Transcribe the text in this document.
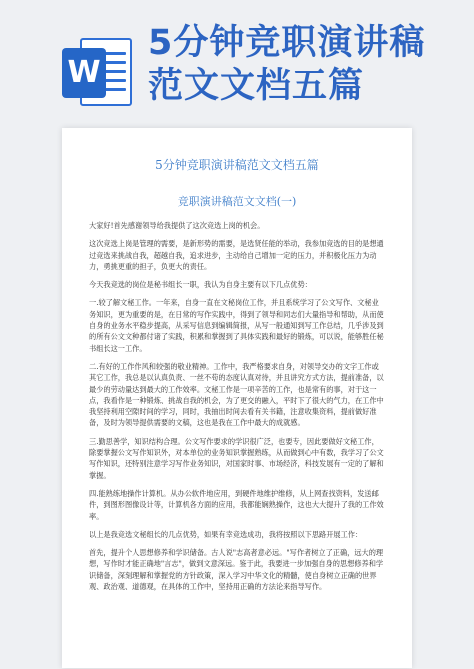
W
5分钟竞职演讲稿
范文文档五篇
5分钟竞职演讲稿范文文档五篇
竞职演讲稿范文文档(一)

大家好!首先感谢领导给我提供了这次竞选上岗的机会。

这次竞选上岗是管理的需要，是新形势的需要，是选贤任能的举动，我参加竞选的目的是想通过竞选来挑战自我，超越自我，追求进步，主动给自己增加一定的压力，并积极化压力为动力，勇挑更重的担子，负更大的责任。

今天我竞选的岗位是秘书组长一职，我认为自身主要有以下几点优势：

一.较了解文秘工作。一年来，自身一直在文秘岗位工作，并且系统学习了公文写作、文秘业务知识，更为重要的是，在日常的写作实践中，得到了领导和同志们大量指导和帮助，从而使自身的业务水平稳步提高，从采写信息到编辑简报，从写一般通知到写工作总结，几乎涉及到的所有公文文种都付诸了实践，积累和掌握到了具体实践和最好的锻炼，可以说，能够胜任秘书组长这一工作。

二.有好的工作作风和较强的敬业精神。工作中，我严格要求自身，对领导交办的文字工作或其它工作，我总是以认真负责、一丝不苟的态度认真对待，并且讲究方式方法，提前准备，以最少的劳动量达到最大的工作效率。文秘工作是一项辛苦的工作，也是常有的事，对于这一点，我看作是一种锻炼、挑战自我的机会，为了更交的融入，平时下了很大的气力，在工作中我坚持利用空隙时间的学习，同时，我抽出时间去看有关书籍，注意收集资料，提前做好准备，及时为领导提供需要的文稿，这也是我在工作中最大的成就感。

三.勤思善学，知识结构合理。公文写作要求的学识很广泛，也要专，因此要做好文秘工作，除要掌握公文写作知识外，对本单位的业务知识掌握熟练，从而做到心中有数，我学习了公文写作知识，还特别注意学习写作业务知识，对国家时事、市场经济，科技发展有一定的了解和掌握。

四.能熟练地操作计算机。从办公软件地应用，到硬件地维护维修，从上网查找资料，发送邮件，到图形图像设计等，计算机各方面的应用，我都能娴熟操作，这也大大提升了我的工作效率。

以上是我竞选文秘组长的几点优势，如果有幸竞选成功，我将按照以下思路开展工作：

首先，提升个人思想修养和学识储备。古人说"志高者意必远。"写作者树立了正确，远大的理想，写作时才能正确地"言志"，做到文意深远。鉴于此，我要进一步加强自身的思想修养和学识储备，深刻理解和掌握党的方针政策，深入学习中华文化的精髓，使自身树立正确的世界观、政治观、道德观，在具体的工作中，坚持用正确的方法论来指导写作。
